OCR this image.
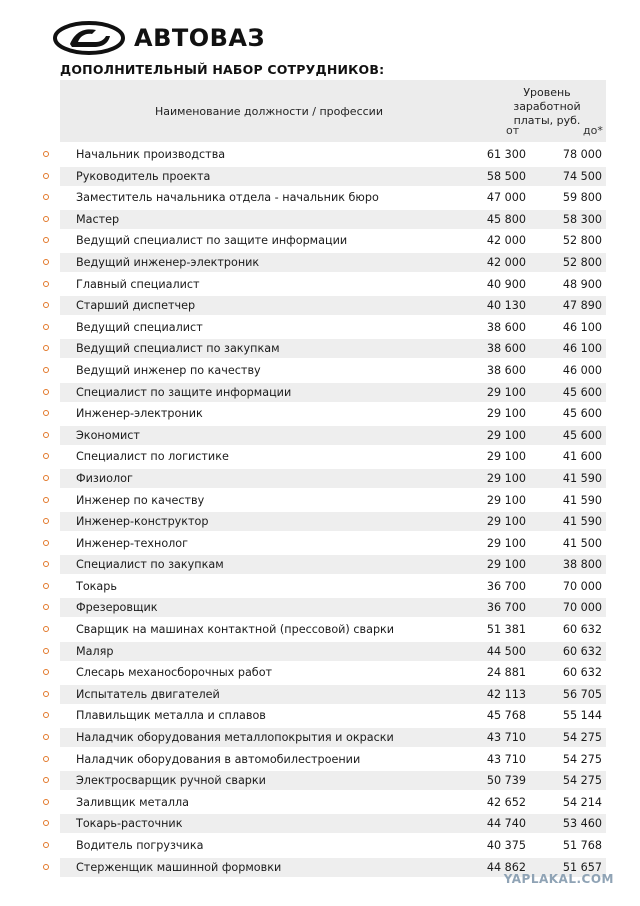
АВТОВАЗ
ДОПОЛНИТЕЛЬНЫЙ НАБОР СОТРУДНИКОВ:
Наименование должности / профессии
Уровень заработной
платы, руб.
от	до*
Начальник производства	61 300	78 000
Руководитель проекта	58 500	74 500
Заместитель начальника отдела - начальник бюро	47 000	59 800
Мастер	45 800	58 300
Ведущий специалист по защите информации	42 000	52 800
Ведущий инженер-электроник	42 000	52 800
Главный специалист	40 900	48 900
Старший диспетчер	40 130	47 890
Ведущий специалист	38 600	46 100
Ведущий специалист по закупкам	38 600	46 100
Ведущий инженер по качеству	38 600	46 000
Специалист по защите информации	29 100	45 600
Инженер-электроник	29 100	45 600
Экономист	29 100	45 600
Специалист по логистике	29 100	41 600
Физиолог	29 100	41 590
Инженер по качеству	29 100	41 590
Инженер-конструктор	29 100	41 590
Инженер-технолог	29 100	41 500
Специалист по закупкам	29 100	38 800
Токарь	36 700	70 000
Фрезеровщик	36 700	70 000
Сварщик на машинах контактной (прессовой) сварки	51 381	60 632
Маляр	44 500	60 632
Слесарь механосборочных работ	24 881	60 632
Испытатель двигателей	42 113	56 705
Плавильщик металла и сплавов	45 768	55 144
Наладчик оборудования металлопокрытия и окраски	43 710	54 275
Наладчик оборудования в автомобилестроении	43 710	54 275
Электросварщик ручной сварки	50 739	54 275
Заливщик металла	42 652	54 214
Токарь-расточник	44 740	53 460
Водитель погрузчика	40 375	51 768
Стерженщик машинной формовки	44 862	51 657
YAPLAKAL.COM
